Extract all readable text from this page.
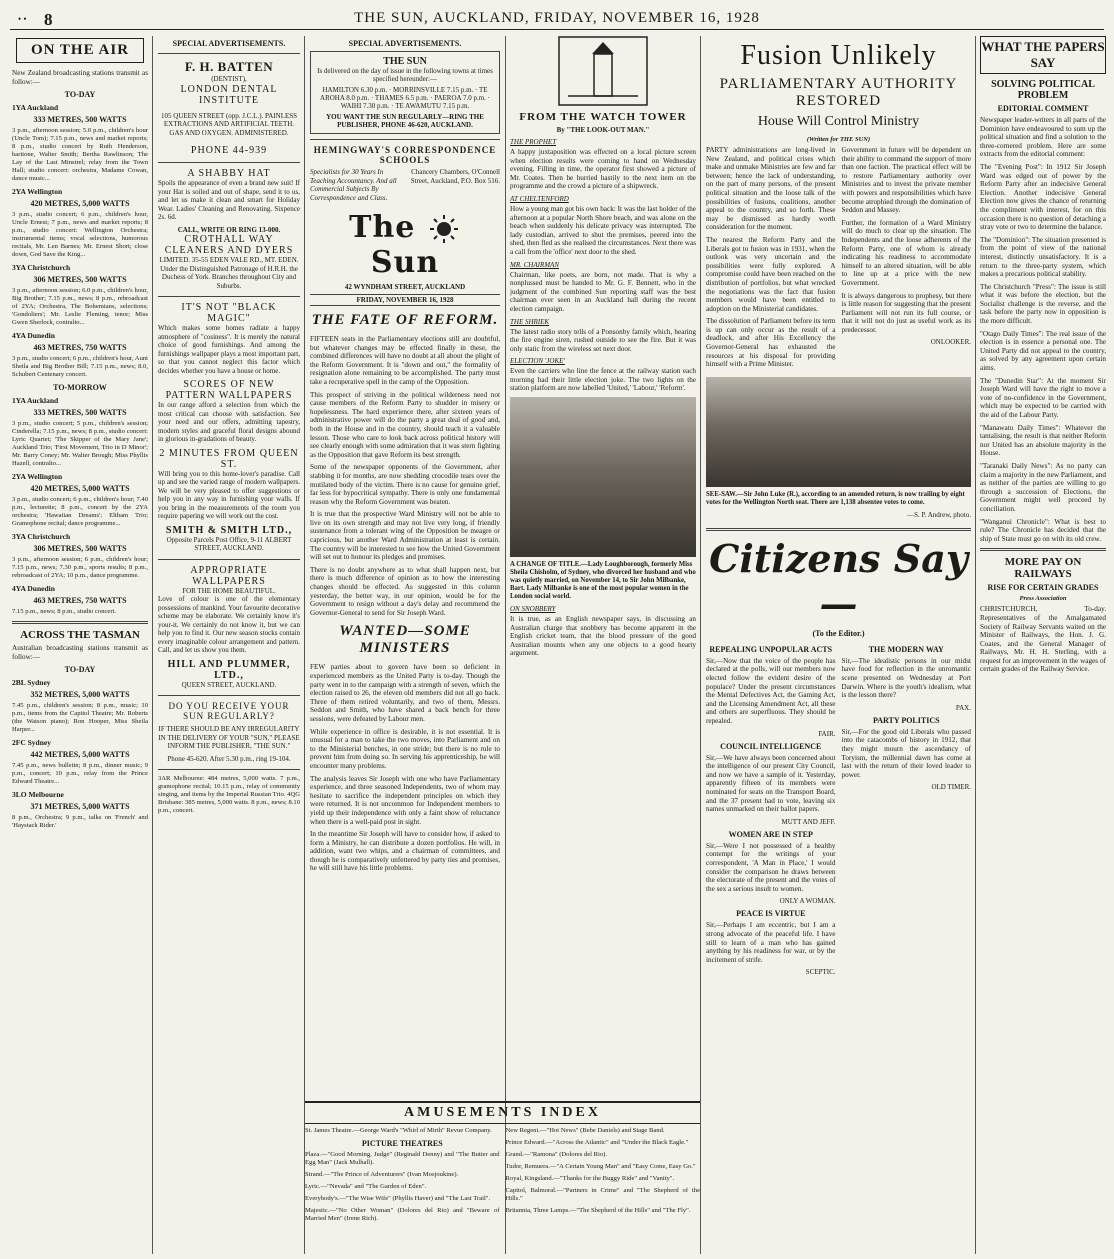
• • 8	THE SUN, AUCKLAND, FRIDAY, NOVEMBER 16, 1928
ON THE AIR
New Zealand broadcasting stations transmit as follow:—
TO-DAY
1YA Auckland
333 METRES, 500 WATTS
3 p.m., afternoon session; 5.0 p.m., children's hour (Uncle Tom); 7.15 p.m., news and market reports; 8 p.m., studio concert by Ruth Henderson, baritone, Walter Smith; Bertha Rawlinson; The Lay of the Last Minstrel; relay from the Town Hall; studio concert: orchestra, Madame Cowan, dance music...
2YA Wellington
420 METRES, 5,000 WATTS
3 p.m., studio concert; 6 p.m., children's hour, Uncle Ernest; 7 p.m., news and market reports; 8 p.m., studio concert: Wellington Orchestra; instrumental items; vocal selections, humorous recitals, Mr. Len Barnes; Mr. Ernest Short; close down, God Save the King...
3YA Christchurch
306 METRES, 500 WATTS
3 p.m., afternoon session; 6.0 p.m., children's hour, Big Brother; 7.15 p.m., news; 8 p.m., rebroadcast of 2YA; Orchestra, The Bohemians, selections; 'Gondoliers'; Mr. Leslie Fleming, tenor; Miss Gwen Sherlock, contralto...
4YA Dunedin
463 METRES, 750 WATTS
3 p.m., studio concert; 6 p.m., children's hour, Aunt Sheila and Big Brother Bill; 7.15 p.m., news; 8.0, Schubert Centenary concert.
TO-MORROW
1YA Auckland
333 METRES, 500 WATTS
3 p.m., studio concert; 5 p.m., children's session; Cinderella; 7.15 p.m., news; 8 p.m., studio concert: Lyric Quartet; 'The Skipper of the Mary Jane'; Auckland Trio; 'First Movement, Trio in D Minor'; Mr. Barry Coney; Mr. Walter Brough; Miss Phyllis Hazell, contralto...
2YA Wellington
420 METRES, 5,000 WATTS
3 p.m., studio concert; 6 p.m., children's hour; 7.40 p.m., lecturette; 8 p.m., concert by the 2YA orchestra; 'Hawaiian Dreams'; Eltham Trio; Gramophone recital; dance programme...
3YA Christchurch
306 METRES, 500 WATTS
3 p.m., afternoon session; 6 p.m., children's hour; 7.15 p.m., news; 7.30 p.m., sports results; 8 p.m., rebroadcast of 2YA; 10 p.m., dance programme.
4YA Dunedin
463 METRES, 750 WATTS
7.15 p.m., news; 8 p.m., studio concert.
ACROSS THE TASMAN
Australian broadcasting stations transmit as follow:—
TO-DAY
2BL Sydney
352 METRES, 5,000 WATTS
7.45 p.m., children's session; 8 p.m., music; 10 p.m., items from the Capitol Theatre; Mr. Roberts (the Watson piano); Ron Hooper, Miss Sheila Harper...
2FC Sydney
442 METRES, 5,000 WATTS
7.45 p.m., news bulletin; 8 p.m., dinner music; 9 p.m., concert; 10 p.m., relay from the Prince Edward Theatre...
3LO Melbourne
371 METRES, 5,000 WATTS
8 p.m., Orchestra; 9 p.m., talks on 'French' and 'Haystack Rider.'
SPECIAL ADVERTISEMENTS.
F. H. BATTEN
(DENTIST),
LONDON DENTAL INSTITUTE
105 QUEEN STREET (opp. J.C.L.). PAINLESS EXTRACTIONS AND ARTIFICIAL TEETH. GAS AND OXYGEN. ADMINISTERED.
PHONE 44-939
A SHABBY HAT
Spoils the appearance of even a brand new suit! If your Hat is soiled and out of shape, send it to us, and let us make it clean and smart for Holiday Wear. Ladies' Cleaning and Renovating. Sixpence 2s. 6d.
CALL, WRITE OR RING 13-000.
CROTHALL WAY CLEANERS AND DYERS
LIMITED. 35-55 EDEN VALE RD., MT. EDEN. Under the Distinguished Patronage of H.R.H. the Duchess of York. Branches throughout City and Suburbs.
IT'S NOT "BLACK MAGIC"
Which makes some homes radiate a happy atmosphere of "cosiness". It is merely the natural choice of good furnishings. And among the furnishings wallpaper plays a most important part, so that you cannot neglect this factor which decides whether you have a house or home.
SCORES OF NEW PATTERN WALLPAPERS
In our range afford a selection from which the most critical can choose with satisfaction. See your need and our offers, admitting tapestry, modern styles and graceful floral designs abound in glorious in-gradations of beauty.
2 MINUTES FROM QUEEN ST.
Will bring you to this home-lover's paradise. Call up and see the varied range of modern wallpapers. We will be very pleased to offer suggestions or help you in any way in furnishing your walls. If you bring in the measurements of the room you require papering we will work out the cost.
SMITH & SMITH LTD.,
Opposite Parcels Post Office, 9-11 ALBERT STREET, AUCKLAND.
APPROPRIATE WALLPAPERS
FOR THE HOME BEAUTIFUL.
Love of colour is one of the elementary possessions of mankind. Your favourite decorative scheme may be elaborate. We certainly know it's your-it. We certainly do not know it, but we can help you to find it. Our new season stocks contain every imaginable colour arrangement and pattern. Call, and let us show you them.
HILL AND PLUMMER, LTD.,
QUEEN STREET, AUCKLAND.
DO YOU RECEIVE YOUR SUN REGULARLY?
IF THERE SHOULD BE ANY IRREGULARITY IN THE DELIVERY OF YOUR "SUN," PLEASE INFORM THE PUBLISHER, "THE SUN."
Phone 45-620. After 5.30 p.m., ring 19-104.
3AR Melbourne: 484 metres, 5,000 watts. 7 p.m., gramophone recital; 10.15 p.m., relay of community singing, and items by the Imperial Russian Trio. 4QG Brisbane: 385 metres, 5,000 watts. 8 p.m., news; 8.10 p.m., concert.
SPECIAL ADVERTISEMENTS.
THE SUN
Is delivered on the day of issue in the following towns at times specified hereunder:—
HAMILTON 6.30 p.m. · MORRINSVILLE 7.15 p.m. · TE AROHA 8.0 p.m. · THAMES 6.5 p.m. · PAEROA 7.0 p.m. · WAIHI 7.30 p.m. · TE AWAMUTU 7.15 p.m.
YOU WANT THE SUN REGULARLY—RING THE PUBLISHER, PHONE 46-620, AUCKLAND.
HEMINGWAY'S CORRESPONDENCE SCHOOLS
Specialists for 30 Years In Teaching Accountancy. And all Commercial Subjects By Correspondence and Class.
Chancery Chambers, O'Connell Street, Auckland, P.O. Box 516.
The  Sun
42 WYNDHAM STREET, AUCKLAND
FRIDAY, NOVEMBER 16, 1928
THE FATE OF REFORM.
FIFTEEN seats in the Parliamentary elections still are doubtful, but whatever changes may be effected finally in these, the combined differences will have no doubt at all about the plight of the Reform Government. It is "down and out," the formality of resignation alone remaining to be accomplished. The party must take a recuperative spell in the camp of the Opposition.
This prospect of striving in the political wilderness need not cause members of the Reform Party to shudder in misery or hopelessness. The hard experience there, after sixteen years of administrative power will do the party a great deal of good and, both in the House and in the country, should teach it a valuable lesson. Those who care to look back across political history will see clearly enough with some admiration that it was stern fighting as the Opposition that gave Reform its best strength.
Some of the newspaper opponents of the Government, after stabbing it for months, are now shedding crocodile tears over the mutilated body of the victim. There is no cause for genuine grief, far less for hypocritical sympathy. There is only one fundamental reason why the Reform Government was beaten.
It is true that the prospective Ward Ministry will not be able to live on its own strength and may not live very long, if friendly sustenance from a tolerant wing of the Opposition be meagre or capricious, but another Ward Administration at least is certain. The country will be interested to see how the United Government will set out to honour its pledges and promises.
There is no doubt anywhere as to what shall happen next, but there is much difference of opinion as to how the interesting changes should be effected. As suggested in this column yesterday, the better way, in our opinion, would be for the Government to resign without a day's delay and recommend the Governor-General to send for Sir Joseph Ward.
WANTED—SOME MINISTERS
FEW parties about to govern have been so deficient in experienced members as the United Party is to-day. Though the party went in to the campaign with a strength of seven, which the election raised to 26, the eleven old members did not all go back. Three of them retired voluntarily, and two of them, Messrs. Seddon and Smith, who have shared a back bench for three sessions, were defeated by Labour men.
While experience in office is desirable, it is not essential. It is unusual for a man to take the two moves, into Parliament and on to the Ministerial benches, in one stride; but there is no rule to prevent him from doing so. In serving his apprenticeship, he will encounter many problems.
The analysis leaves Sir Joseph with one who have Parliamentary experience, and three seasoned Independents, two of whom may hesitate to sacrifice the independent principles on which they were returned. It is not uncommon for Independent members to yield up their independence with only a faint show of reluctance when there is a well-paid post in sight.
In the meantime Sir Joseph will have to consider how, if asked to form a Ministry, he can distribute a dozen portfolios. He will, in addition, want two whips, and a chairman of committees, and though he is comparatively unfettered by party ties and promises, he will still have his little problems.
FROM THE WATCH TOWER
By "THE LOOK-OUT MAN."
THE PROPHET
A happy juxtaposition was effected on a local picture screen when election results were coming to hand on Wednesday evening. Filling in time, the operator first showed a picture of Mr. Coates. Then he hurried hastily to the next item on the programme and the crowd a picture of a shipwreck.
AT CHELTENFORD
How a young man got his own back: It was the last holder of the afternoon at a popular North Shore beach, and was alone on the beach when suddenly his delicate privacy was interrupted. The lady custodian, arrived to shut the premises, peered into the shed, then fled as she realised the circumstances. Next there was a call from the 'office' next door to the shed.
MR. CHAIRMAN
Chairman, like poets, are born, not made. That is why a nonplussed must be handed to Mr. G. F. Bennett, who in the judgment of the combined Sun reporting staff was the best chairman ever seen in an Auckland hall during the recent election campaign.
THE SHRIEK
The latest radio story tells of a Ponsonby family which, hearing the fire engine siren, rushed outside to see the fire. But it was only static from the wireless set next door.
ELECTION 'JOKE'
Even the carriers who line the fence at the railway station each morning had their little election joke. The two lights on the station platform are now labelled 'United,' 'Labour,' 'Reform'.
A CHANGE OF TITLE.—Lady Loughborough, formerly Miss Sheila Chisholm, of Sydney, who divorced her husband and who was quietly married, on November 14, to Sir John Milbanke, Bart. Lady Milbanke is one of the most popular women in the London social world.
ON SNOBBERY
It is true, as an English newspaper says, in discussing an Australian charge that snobbery has become apparent in the English cricket team, that the blood pressure of the good Australian mounts when any one objects to a good hearty argument.
Fusion Unlikely
PARLIAMENTARY AUTHORITY RESTORED
House Will Control Ministry
(Written for THE SUN)
PARTY administrations are long-lived in New Zealand, and political crises which make and unmake Ministries are few and far between; hence the lack of understanding, on the part of many persons, of the present political situation and the loose talk of the possibilities of fusions, coalitions, another appeal to the country, and so forth. These may be dismissed as hardly worth consideration for the moment.
The nearest the Reform Party and the Liberals got to fusion was in 1931, when the outlook was very uncertain and the possibilities were fully explored. A compromise could have been reached on the distribution of portfolios, but what wrecked the negotiations was the fact that fusion members would have been entitled to adoption on the Ministerial candidates.
The dissolution of Parliament before its term is up can only occur as the result of a deadlock, and after His Excellency the Governor-General has exhausted the resources at his disposal for providing himself with a Prime Minister.
Government in future will be dependent on their ability to command the support of more than one faction. The practical effect will be to restore Parliamentary authority over Ministries and to invest the private member with powers and responsibilities which have become atrophied through the domination of Seddon and Massey.
Further, the formation of a Ward Ministry will do much to clear up the situation. The Independents and the loose adherents of the Reform Party, one of whom is already indicating his readiness to accommodate himself to an altered situation, will be able to line up at a price with the new Government.
It is always dangerous to prophesy, but there is little reason for suggesting that the present Parliament will not run its full course, or that it will not do just as useful work as its predecessor.
ONLOOKER.
SEE-SAW.—Sir John Luke (R.), according to an amended return, is now trailing by eight votes for the Wellington North seat. There are 1,138 absentee votes to come.
—S. P. Andrew, photo.
Citizens Say—
(To the Editor.)
REPEALING UNPOPULAR ACTS
Sir,—Now that the voice of the people has declared at the polls, will our members now elected follow the evident desire of the populace? Under the present circumstances the Mental Defectives Act, the Gaming Act, and the Licensing Amendment Act, all these and others are superfluous. They should be repealed.
FAIR.
COUNCIL INTELLIGENCE
Sir,—We have always been concerned about the intelligence of our present City Council, and now we have a sample of it. Yesterday, apparently fifteen of its members were nominated for seats on the Transport Board, and the 37 present had to vote, leaving six names unmarked on their ballot papers.
MUTT AND JEFF.
WOMEN ARE IN STEP
Sir,—Were I not possessed of a healthy contempt for the writings of your correspondent, 'A Man in Place,' I would consider the comparison he draws between the electorate of the present and the votes of the sex a serious insult to women.
ONLY A WOMAN.
PEACE IS VIRTUE
Sir,—Perhaps I am eccentric, but I am a strong advocate of the peaceful life. I have still to learn of a man who has gained anything by his readiness for war, or by the incitement of strife.
SCEPTIC.
THE MODERN WAY
Sir,—The idealistic persons in our midst have food for reflection in the unromantic scene presented on Wednesday at Port Darwin. Where is the youth's idealism, what is the lesson there?
PAX.
PARTY POLITICS
Sir,—For the good old Liberals who passed into the catacombs of history in 1912, that they might mourn the ascendancy of Toryism, the millennial dawn has come at last with the return of their loved leader to power.
OLD TIMER.
WHAT THE PAPERS SAY
SOLVING POLITICAL PROBLEM
EDITORIAL COMMENT
Newspaper leader-writers in all parts of the Dominion have endeavoured to sum up the political situation and find a solution to the three-cornered problem. Here are some extracts from the editorial comment:
The "Evening Post": In 1912 Sir Joseph Ward was edged out of power by the Reform Party after an indecisive General Election. Another indecisive General Election now gives the chance of returning the compliment with interest, for on this occasion there is no question of detaching a stray vote or two to determine the balance.
The "Dominion": The situation presented is from the point of view of the national interest, distinctly unsatisfactory. It is a return to the three-party system, which makes a precarious political stability.
The Christchurch "Press": The issue is still what it was before the election, but the Socialist challenge is the reverse, and the task before the party now in opposition is the more difficult.
"Otago Daily Times": The real issue of the election is in essence a personal one. The United Party did not appeal to the country, as solved by any agreement upon certain aims.
The "Dunedin Star": At the moment Sir Joseph Ward will have the right to move a vote of no-confidence in the Government, which may be expected to be carried with the aid of the Labour Party.
"Manawatu Daily Times": Whatever the tantalising, the result is that neither Reform nor United has an absolute majority in the House.
"Taranaki Daily News": As no party can claim a majority in the new Parliament, and as neither of the parties are willing to go through a succession of Elections, the Government might well proceed by conciliation.
"Wanganui Chronicle": What is best to rule? The Chronicle has decided that the ship of State must go on with its old crew.
MORE PAY ON RAILWAYS
RISE FOR CERTAIN GRADES
Press Association
CHRISTCHURCH, To-day. Representatives of the Amalgamated Society of Railway Servants waited on the Minister of Railways, the Hon. J. G. Coates, and the General Manager of Railways, Mr. H. H. Sterling, with a request for an improvement in the wages of certain grades of the Railway Service.
AMUSEMENTS INDEX
St. James Theatre.—George Ward's "Whirl of Mirth" Revue Company.
PICTURE THEATRES
Plaza.—"Good Morning, Judge" (Reginald Denny) and "The Butter and Egg Man" (Jack Mulhall).
Strand.—"The Prince of Adventurers" (Ivan Mosjoukine).
Lyric.—"Nevada" and "The Garden of Eden".
Everybody's.—"The Wise Wife" (Phyllis Haver) and "The Last Trail".
Majestic.—"No Other Woman" (Dolores del Rio) and "Beware of Married Men" (Irene Rich).
New Regent.—"Hot News" (Bebe Daniels) and Stage Band.
Prince Edward.—"Across the Atlantic" and "Under the Black Eagle."
Grand.—"Ramona" (Dolores del Rio).
Tudor, Remuera.—"A Certain Young Man" and "Easy Come, Easy Go."
Royal, Kingsland.—"Thanks for the Buggy Ride" and "Vanity".
Capitol, Balmoral.—"Partners in Crime" and "The Shepherd of the Hills."
Britannia, Three Lamps.—"The Shepherd of the Hills" and "The Fly".
